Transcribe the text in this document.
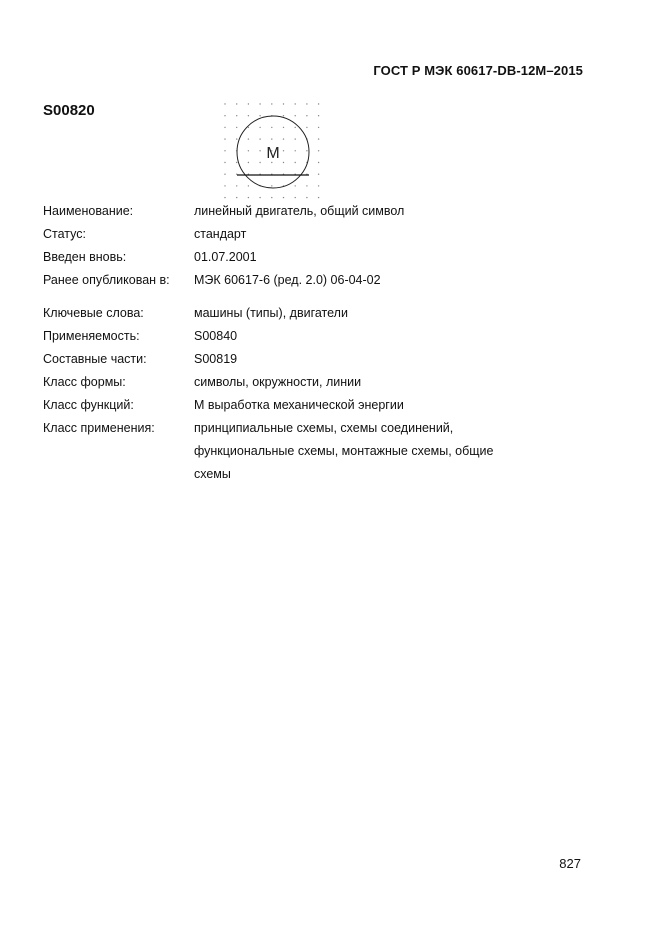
ГОСТ Р МЭК 60617-DB-12M–2015
S00820
M
Наименование:	линейный двигатель, общий символ
Статус:	стандарт
Введен вновь:	01.07.2001
Ранее опубликован в:	МЭК 60617-6 (ред. 2.0) 06-04-02
Ключевые слова:	машины (типы), двигатели
Применяемость:	S00840
Составные части:	S00819
Класс формы:	символы, окружности, линии
Класс функций:	М выработка механической энергии
Класс применения:	принципиальные схемы, схемы соединений, функциональные схемы, монтажные схемы, общие схемы
827
